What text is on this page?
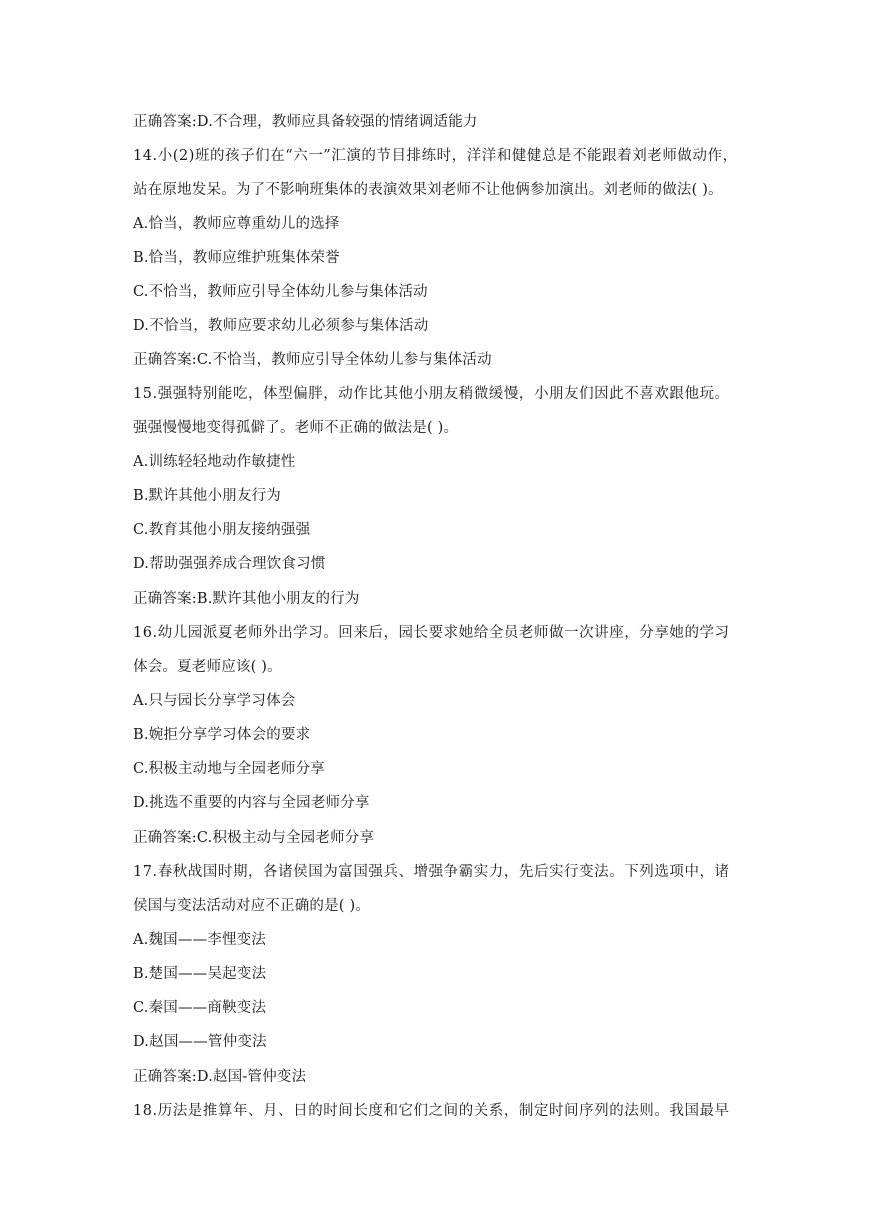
正确答案:D.不合理，教师应具备较强的情绪调适能力
14.小(2)班的孩子们在“六一”汇演的节目排练时，洋洋和健健总是不能跟着刘老师做动作，
站在原地发呆。为了不影响班集体的表演效果刘老师不让他俩参加演出。刘老师的做法( )。
A.恰当，教师应尊重幼儿的选择
B.恰当，教师应维护班集体荣誉
C.不恰当，教师应引导全体幼儿参与集体活动
D.不恰当，教师应要求幼儿必须参与集体活动
正确答案:C.不恰当，教师应引导全体幼儿参与集体活动
15.强强特别能吃，体型偏胖，动作比其他小朋友稍微缓慢，小朋友们因此不喜欢跟他玩。
强强慢慢地变得孤僻了。老师不正确的做法是( )。
A.训练轻轻地动作敏捷性
B.默许其他小朋友行为
C.教育其他小朋友接纳强强
D.帮助强强养成合理饮食习惯
正确答案:B.默许其他小朋友的行为
16.幼儿园派夏老师外出学习。回来后，园长要求她给全员老师做一次讲座，分享她的学习
体会。夏老师应该( )。
A.只与园长分享学习体会
B.婉拒分享学习体会的要求
C.积极主动地与全园老师分享
D.挑选不重要的内容与全园老师分享
正确答案:C.积极主动与全园老师分享
17.春秋战国时期，各诸侯国为富国强兵、增强争霸实力，先后实行变法。下列选项中，诸
侯国与变法活动对应不正确的是( )。
A.魏国——李悝变法
B.楚国——吴起变法
C.秦国——商鞅变法
D.赵国——管仲变法
正确答案:D.赵国-管仲变法
18.历法是推算年、月、日的时间长度和它们之间的关系，制定时间序列的法则。我国最早
